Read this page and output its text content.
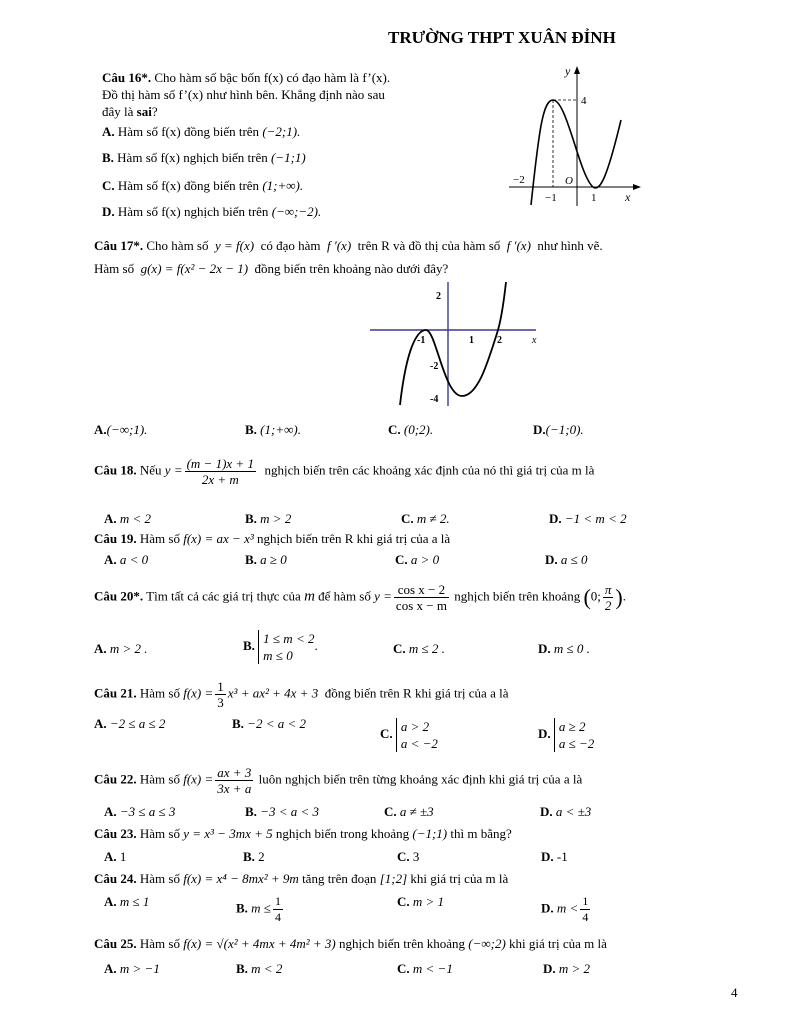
TRƯỜNG THPT XUÂN ĐỈNH
Câu 16*. Cho hàm số bậc bốn f(x) có đạo hàm là f’(x).
Đồ thị hàm số f’(x) như hình bên. Khẳng định nào sau
đây là sai?
A. Hàm số f(x) đồng biến trên (−2;1).
B. Hàm số f(x) nghịch biến trên (−1;1)
C. Hàm số f(x) đồng biến trên (1;+∞).
D. Hàm số f(x) nghịch biến trên (−∞;−2).
y
4
−2	O
−1	1 x
Câu 17*. Cho hàm số y = f(x) có đạo hàm f ′(x) trên R và đồ thị của hàm số f ′(x) như hình vẽ.
Hàm số g(x) = f(x² − 2x − 1) đồng biến trên khoảng nào dưới đây?
2
-1	1 2	x
-2
-4
A.(−∞;1).	B. (1;+∞).	C. (0;2).	D.(−1;0).
Câu 18. Nếu $y = \frac{(m - 1)x + 1}{2x + m}$ nghịch biến trên các khoảng xác định của nó thì giá trị của m là
A. m < 2	B. m > 2	C. m ≠ 2.	D. −1 < m < 2
Câu 19. Hàm số f(x) = ax − x³ nghịch biến trên R khi giá trị của a là
A. a < 0	B. a ≥ 0	C. a > 0	D. a ≤ 0
Câu 20*. Tìm tất cả các giá trị thực của m để hàm số $y = \frac{\text{cos x − 2}}{\text{cos x − m}}$ nghịch biến trên khoảng (0; $\frac{\pi}{2}$ ).
A. m > 2 .	B. 1 ≤ m < 2
m ≤ 0
.	C. m ≤ 2 .	D. m ≤ 0 .
Câu 21. Hàm số $f(x) = \frac{1}{3} x^3 + ax^2 + 4x + 3$ đồng biến trên R khi giá trị của a là
A. −2 ≤ a ≤ 2	B. −2 < a < 2
C. a > 2
a < −2
D. a ≥ 2
a ≤ −2
Câu 22. Hàm số $f(x) = \frac{ax + 3}{3x + a}$ luôn nghịch biến trên từng khoảng xác định khi giá trị của a là
A. −3 ≤ a ≤ 3	B. −3 < a < 3	C. a ≠ ±3	D. a < ±3
Câu 23. Hàm số y = x³ − 3mx + 5 nghịch biến trong khoảng (−1;1) thì m bằng?
A. 1	B. 2	C. 3	D. -1
Câu 24. Hàm số f(x) = x⁴ − 8mx² + 9m tăng trên đoạn [1;2] khi giá trị của m là
A. m ≤ 1	B. $m \le \frac{1}{4}$	C. m > 1	D. $m < \frac{1}{4}$
Câu 25. Hàm số f(x) = √(x² + 4mx + 4m² + 3) nghịch biến trên khoảng (−∞;2) khi giá trị của m là
A. m > −1	B. m < 2	C. m < −1	D. m > 2
4
